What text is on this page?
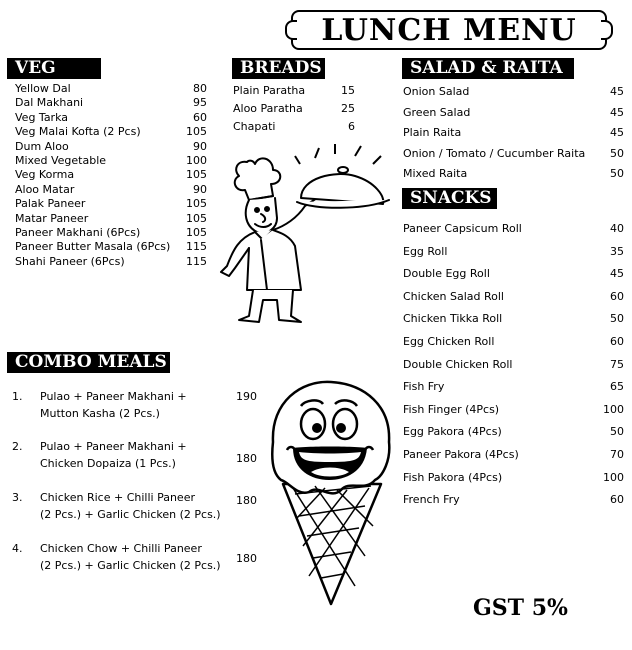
LUNCH MENU
VEG
Yellow Dal	80
Dal Makhani	95
Veg Tarka	60
Veg Malai Kofta (2 Pcs)	105
Dum Aloo	90
Mixed Vegetable	100
Veg Korma	105
Aloo Matar	90
Palak Paneer	105
Matar Paneer	105
Paneer Makhani (6Pcs)	105
Paneer Butter Masala (6Pcs) 115
Shahi Paneer (6Pcs)	115
BREADS
Plain Paratha	15
Aloo Paratha	25
Chapati	6
SALAD & RAITA
Onion Salad	45
Green Salad	45
Plain Raita	45
Onion / Tomato / Cucumber Raita 50
Mixed Raita	50
SNACKS
Paneer Capsicum Roll	40
Egg Roll	35
Double Egg Roll	45
Chicken Salad Roll	60
Chicken Tikka Roll	50
Egg Chicken Roll	60
Double Chicken Roll	75
Fish Fry	65
Fish Finger (4Pcs)	100
Egg Pakora (4Pcs)	50
Paneer Pakora (4Pcs)	70
Fish Pakora (4Pcs)	100
French Fry	60
COMBO MEALS
1. Pulao + Paneer Makhani +
Mutton Kasha (2 Pcs.)
190
2. Pulao + Paneer Makhani +
Chicken Dopaiza (1 Pcs.)	180
3. Chicken Rice + Chilli Paneer
(2 Pcs.) + Garlic Chicken (2 Pcs.)
180
4. Chicken Chow + Chilli Paneer
(2 Pcs.) + Garlic Chicken (2 Pcs.)
180
GST 5%
